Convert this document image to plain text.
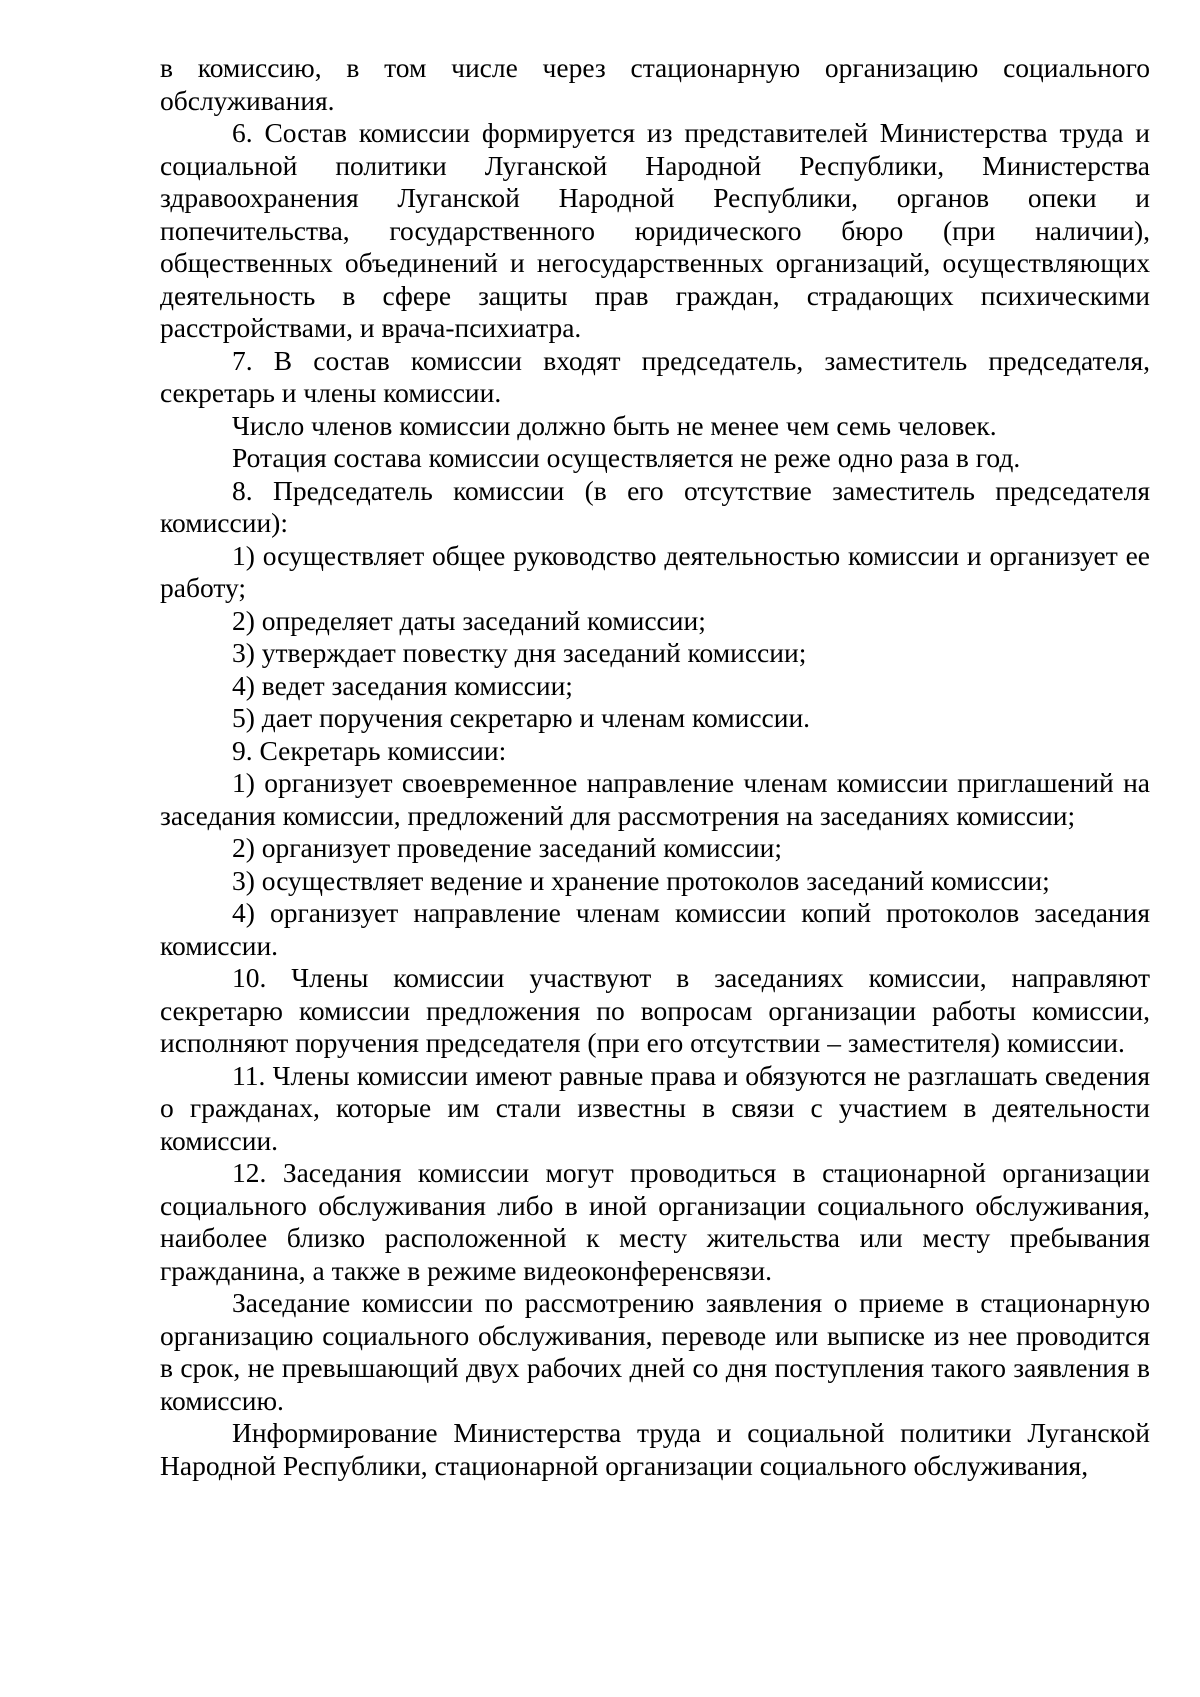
в комиссию, в том числе через стационарную организацию социального обслуживания.

6. Состав комиссии формируется из представителей Министерства труда и социальной политики Луганской Народной Республики, Министерства здравоохранения Луганской Народной Республики, органов опеки и попечительства, государственного юридического бюро (при наличии), общественных объединений и негосударственных организаций, осуществляющих деятельность в сфере защиты прав граждан, страдающих психическими расстройствами, и врача-психиатра.

7. В состав комиссии входят председатель, заместитель председателя, секретарь и члены комиссии.

Число членов комиссии должно быть не менее чем семь человек.

Ротация состава комиссии осуществляется не реже одно раза в год.

8. Председатель комиссии (в его отсутствие заместитель председателя комиссии):

1) осуществляет общее руководство деятельностью комиссии и организует ее работу;

2) определяет даты заседаний комиссии;

3) утверждает повестку дня заседаний комиссии;

4) ведет заседания комиссии;

5) дает поручения секретарю и членам комиссии.

9. Секретарь комиссии:

1) организует своевременное направление членам комиссии приглашений на заседания комиссии, предложений для рассмотрения на заседаниях комиссии;

2) организует проведение заседаний комиссии;

3) осуществляет ведение и хранение протоколов заседаний комиссии;

4) организует направление членам комиссии копий протоколов заседания комиссии.

10. Члены комиссии участвуют в заседаниях комиссии, направляют секретарю комиссии предложения по вопросам организации работы комиссии, исполняют поручения председателя (при его отсутствии – заместителя) комиссии.

11. Члены комиссии имеют равные права и обязуются не разглашать сведения о гражданах, которые им стали известны в связи с участием в деятельности комиссии.

12. Заседания комиссии могут проводиться в стационарной организации социального обслуживания либо в иной организации социального обслуживания, наиболее близко расположенной к месту жительства или месту пребывания гражданина, а также в режиме видеоконференсвязи.

Заседание комиссии по рассмотрению заявления о приеме в стационарную организацию социального обслуживания, переводе или выписке из нее проводится в срок, не превышающий двух рабочих дней со дня поступления такого заявления в комиссию.

Информирование Министерства труда и социальной политики Луганской Народной Республики, стационарной организации социального обслуживания,
